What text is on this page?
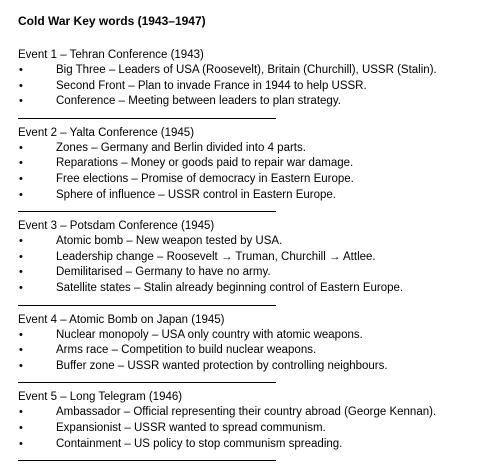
Cold War Key words (1943–1947)
Event 1 – Tehran Conference (1943)
•	Big Three – Leaders of USA (Roosevelt), Britain (Churchill), USSR (Stalin).
•	Second Front – Plan to invade France in 1944 to help USSR.
•	Conference – Meeting between leaders to plan strategy.
Event 2 – Yalta Conference (1945)
•	Zones – Germany and Berlin divided into 4 parts.
•	Reparations – Money or goods paid to repair war damage.
•	Free elections – Promise of democracy in Eastern Europe.
•	Sphere of influence – USSR control in Eastern Europe.
Event 3 – Potsdam Conference (1945)
•	Atomic bomb – New weapon tested by USA.
•	Leadership change – Roosevelt → Truman, Churchill → Attlee.
•	Demilitarised – Germany to have no army.
•	Satellite states – Stalin already beginning control of Eastern Europe.
Event 4 – Atomic Bomb on Japan (1945)
•	Nuclear monopoly – USA only country with atomic weapons.
•	Arms race – Competition to build nuclear weapons.
•	Buffer zone – USSR wanted protection by controlling neighbours.
Event 5 – Long Telegram (1946)
•	Ambassador – Official representing their country abroad (George Kennan).
•	Expansionist – USSR wanted to spread communism.
•	Containment – US policy to stop communism spreading.
